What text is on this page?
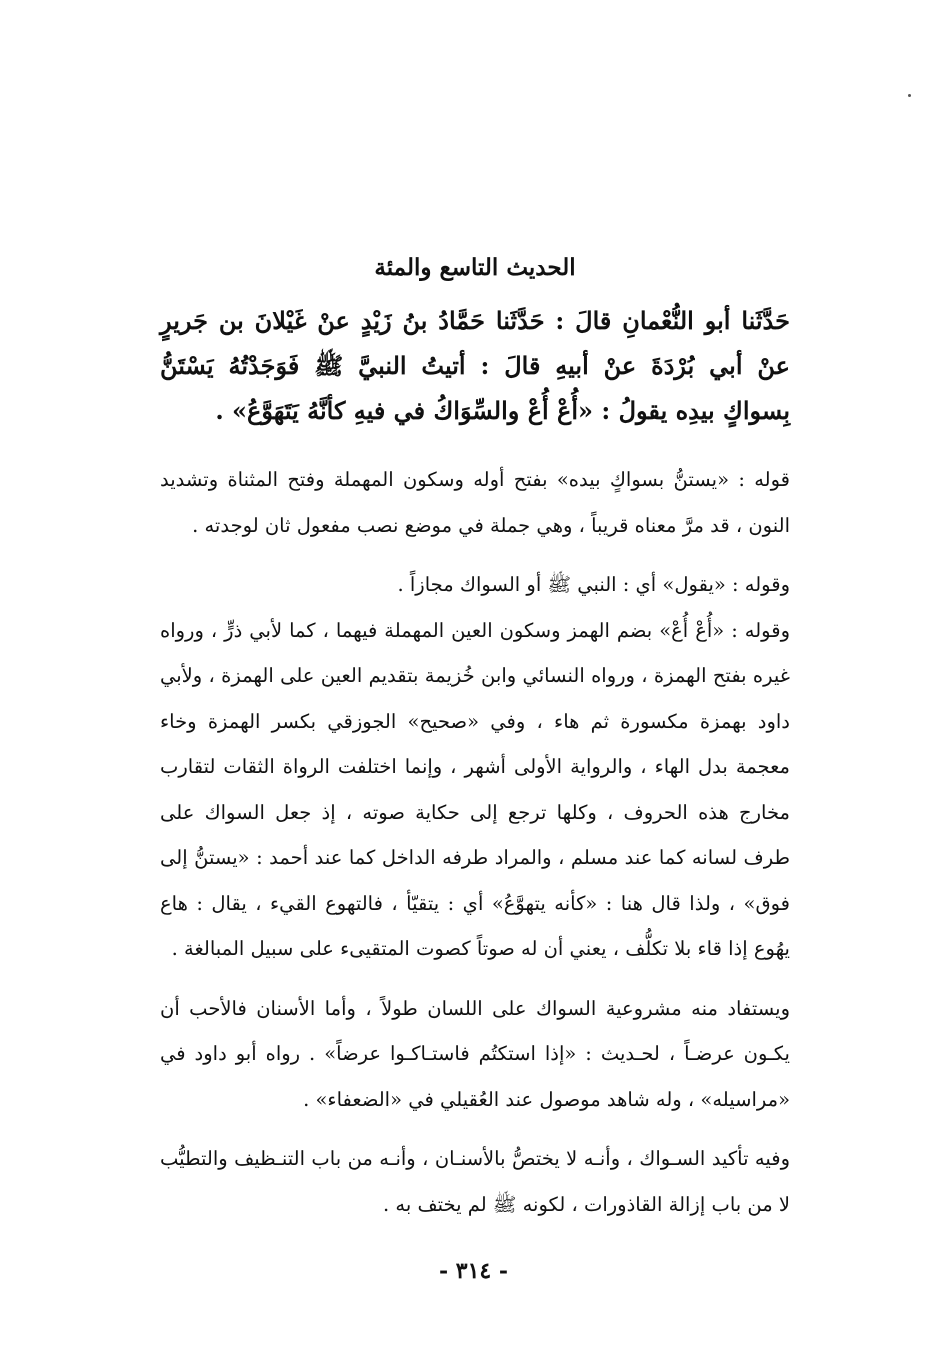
الحديث التاسع والمئة

حَدَّثَنا أبو النُّعْمانِ قالَ : حَدَّثَنا حَمَّادُ بنُ زَيْدٍ عنْ غَيْلانَ بن جَريرٍ عنْ أبي بُرْدَةَ عنْ أبيهِ قالَ : أتيتُ النبيَّ ﷺ فَوَجَدْتُهُ يَسْتَنُّ بِسواكٍ بيدِه يقولُ : «أُعْ أُعْ والسِّوَاكُ في فيهِ كأنَّهُ يَتَهَوَّعُ» .

قوله : «يستنُّ بسواكٍ بيده» بفتح أوله وسكون المهملة وفتح المثناة وتشديد النون ، قد مرَّ معناه قريباً ، وهي جملة في موضع نصب مفعول ثان لوجدته .

وقوله : «يقول» أي : النبي ﷺ أو السواك مجازاً .

وقوله : «أُعْ أُعْ» بضم الهمز وسكون العين المهملة فيهما ، كما لأبي ذرٍّ ، ورواه غيره بفتح الهمزة ، ورواه النسائي وابن خُزيمة بتقديم العين على الهمزة ، ولأبي داود بهمزة مكسورة ثم هاء ، وفي «صحيح» الجوزقي بكسر الهمزة وخاء معجمة بدل الهاء ، والرواية الأولى أشهر ، وإنما اختلفت الرواة الثقات لتقارب مخارج هذه الحروف ، وكلها ترجع إلى حكاية صوته ، إذ جعل السواك على طرف لسانه كما عند مسلم ، والمراد طرفه الداخل كما عند أحمد : «يستنُّ إلى فوق» ، ولذا قال هنا : «كأنه يتهوَّعُ» أي : يتقيّأ ، فالتهوع القيء ، يقال : هاع يهُوع إذا قاء بلا تكلُّف ، يعني أن له صوتاً كصوت المتقيىء على سبيل المبالغة .

ويستفاد منه مشروعية السواك على اللسان طولاً ، وأما الأسنان فالأحب أن يكـون عرضـاً ، لحـديث : «إذا استكتُم فاستـاكـوا عرضاً» . رواه أبو داود في «مراسيله» ، وله شاهد موصول عند العُقيلي في «الضعفاء» .

وفيه تأكيد السـواك ، وأنـه لا يختصُّ بالأسنـان ، وأنـه من باب التنـظيف والتطيُّب لا من باب إزالة القاذورات ، لكونه ﷺ لم يختف به .

- ٣١٤ -
